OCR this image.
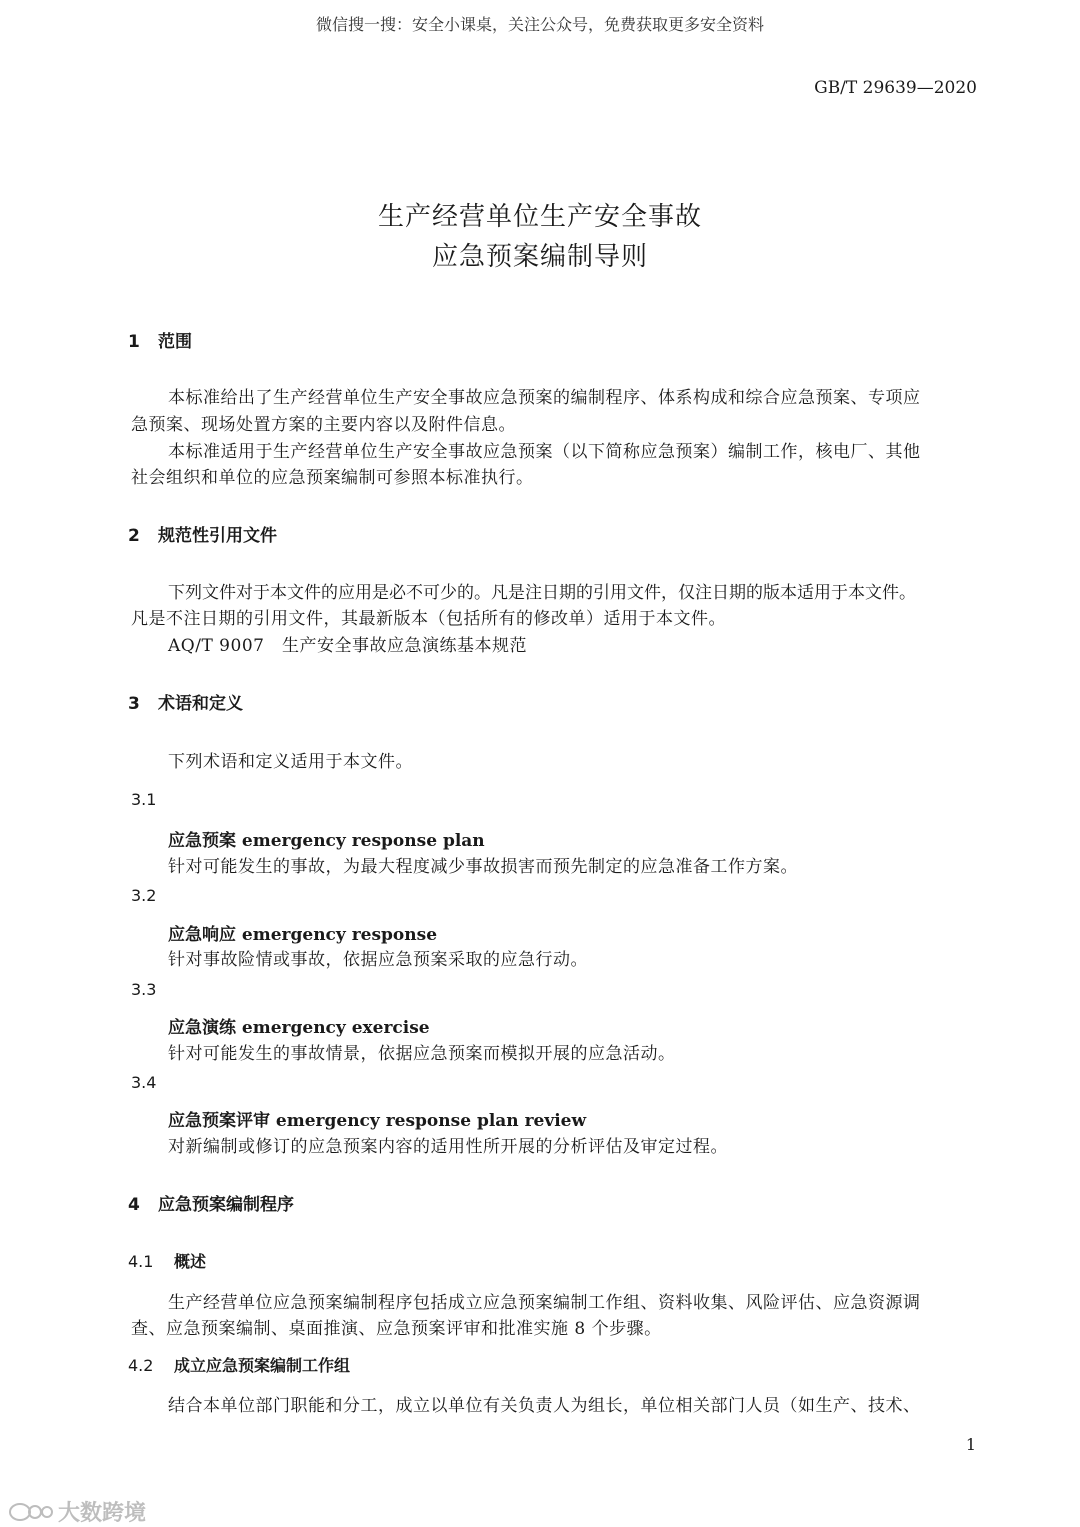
微信搜一搜：安全小课桌，关注公众号，免费获取更多安全资料
GB/T 29639—2020
生产经营单位生产安全事故
应急预案编制导则
1 范围
本标准给出了生产经营单位生产安全事故应急预案的编制程序、体系构成和综合应急预案、专项应
急预案、现场处置方案的主要内容以及附件信息。
本标准适用于生产经营单位生产安全事故应急预案（以下简称应急预案）编制工作，核电厂、其他
社会组织和单位的应急预案编制可参照本标准执行。
2 规范性引用文件
下列文件对于本文件的应用是必不可少的。凡是注日期的引用文件，仅注日期的版本适用于本文件。
凡是不注日期的引用文件，其最新版本（包括所有的修改单）适用于本文件。
AQ/T 9007　生产安全事故应急演练基本规范
3 术语和定义
下列术语和定义适用于本文件。
3.1
应急预案 emergency response plan
针对可能发生的事故，为最大程度减少事故损害而预先制定的应急准备工作方案。
3.2
应急响应 emergency response
针对事故险情或事故，依据应急预案采取的应急行动。
3.3
应急演练 emergency exercise
针对可能发生的事故情景，依据应急预案而模拟开展的应急活动。
3.4
应急预案评审 emergency response plan review
对新编制或修订的应急预案内容的适用性所开展的分析评估及审定过程。
4 应急预案编制程序
4.1 概述
生产经营单位应急预案编制程序包括成立应急预案编制工作组、资料收集、风险评估、应急资源调
查、应急预案编制、桌面推演、应急预案评审和批准实施 8 个步骤。
4.2 成立应急预案编制工作组
结合本单位部门职能和分工，成立以单位有关负责人为组长，单位相关部门人员（如生产、技术、
1
大数跨境
